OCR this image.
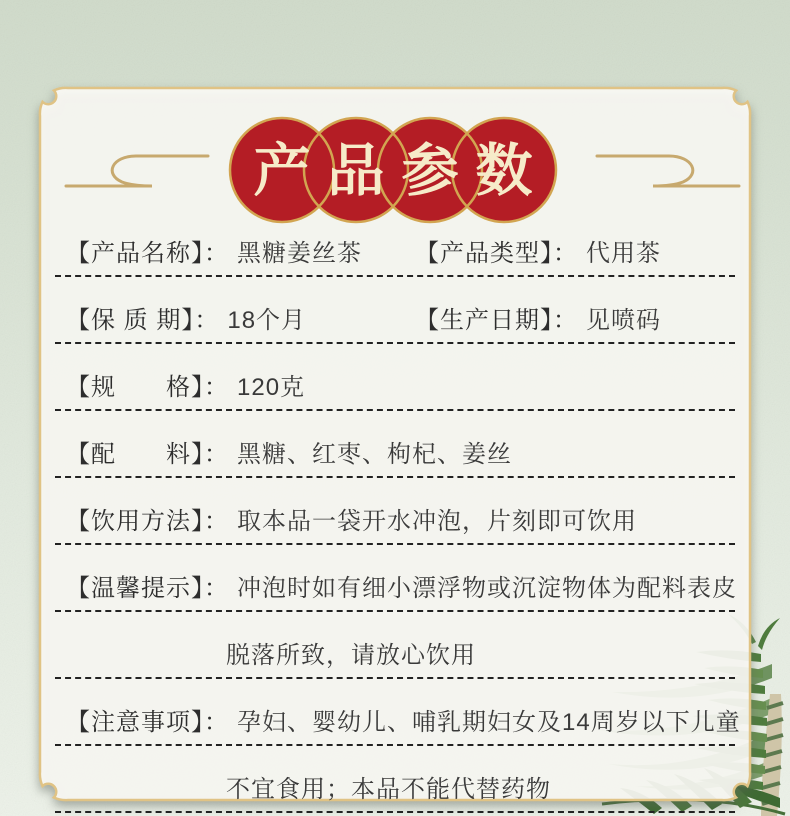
产 品 参 数
【产品名称】： 黑糖姜丝茶	【产品类型】： 代用茶
【保 质 期】： 18个月	【生产日期】： 见喷码
【规　　格】： 120克
【配　　料】： 黑糖、红枣、枸杞、姜丝
【饮用方法】： 取本品一袋开水冲泡，片刻即可饮用
【温馨提示】： 冲泡时如有细小漂浮物或沉淀物体为配料表皮
脱落所致，请放心饮用
【注意事项】： 孕妇、婴幼儿、哺乳期妇女及14周岁以下儿童
不宜食用；本品不能代替药物
